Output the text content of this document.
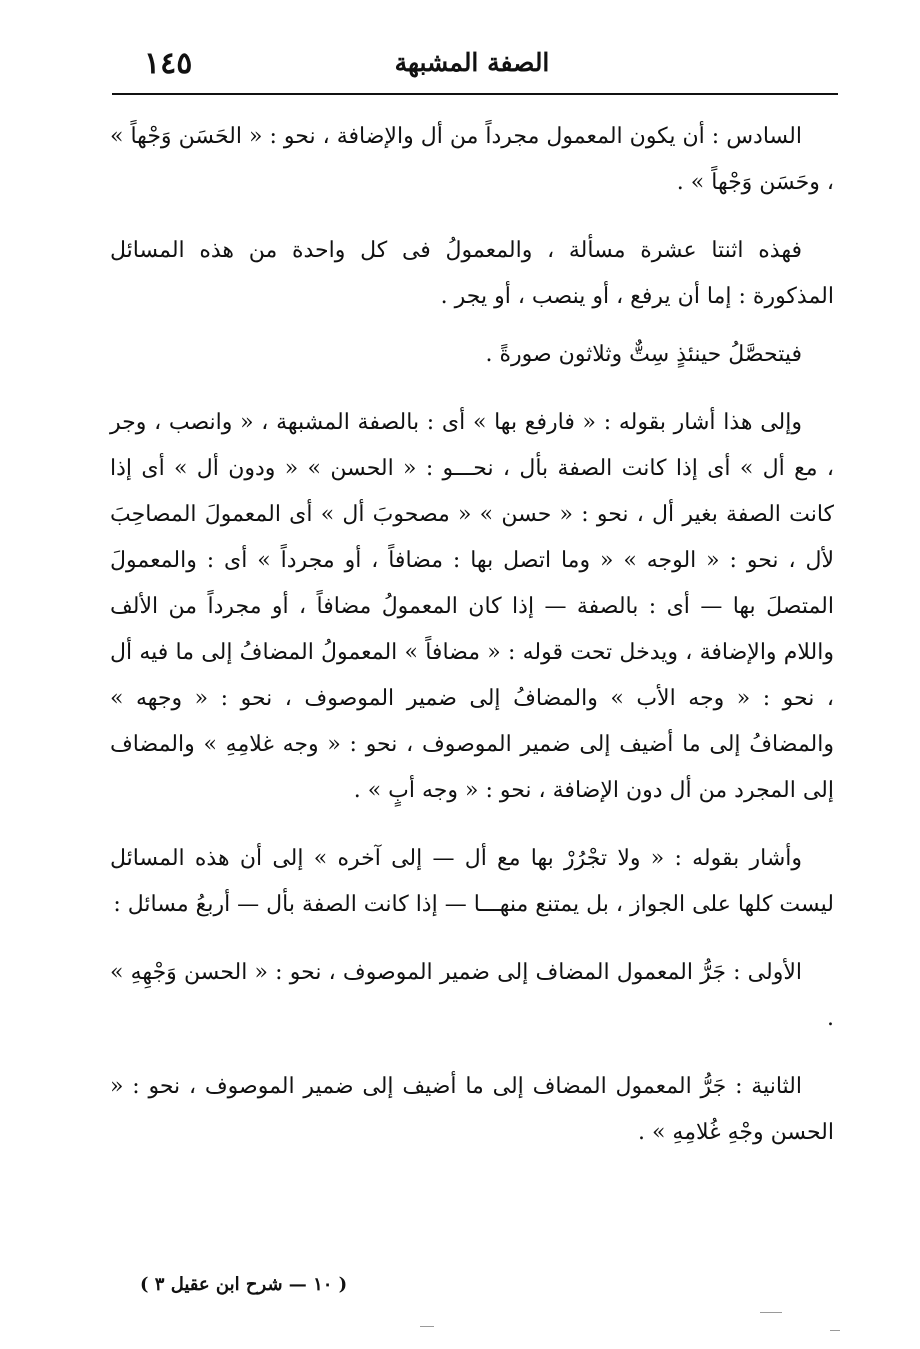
الصفة المشبهة
١٤٥

السادس : أن يكون المعمول مجرداً من أل والإضافة ، نحو : « الحَسَن وَجْهاً » ، وحَسَن وَجْهاً » .

فهذه اثنتا عشرة مسألة ، والمعمولُ فى كل واحدة من هذه المسائل المذكورة : إما أن يرفع ، أو ينصب ، أو يجر .

فيتحصَّلُ حينئذٍ سِتٌّ وثلاثون صورةً .

وإلى هذا أشار بقوله : « فارفع بها » أى : بالصفة المشبهة ، « وانصب ، وجر ، مع أل » أى إذا كانت الصفة بأل ، نحـــو : « الحسن » « ودون أل » أى إذا كانت الصفة بغير أل ، نحو : « حسن » « مصحوبَ أل » أى المعمولَ المصاحِبَ لأل ، نحو : « الوجه » « وما اتصل بها : مضافاً ، أو مجرداً » أى : والمعمولَ المتصلَ بها — أى : بالصفة — إذا كان المعمولُ مضافاً ، أو مجرداً من الألف واللام والإضافة ، ويدخل تحت قوله : « مضافاً » المعمولُ المضافُ إلى ما فيه أل ، نحو : « وجه الأب » والمضافُ إلى ضمير الموصوف ، نحو : « وجهه » والمضافُ إلى ما أضيف إلى ضمير الموصوف ، نحو : « وجه غلامِهِ » والمضاف إلى المجرد من أل دون الإضافة ، نحو : « وجه أبٍ » .

وأشار بقوله : « ولا تجْرُرْ بها مع أل — إلى آخره » إلى أن هذه المسائل ليست كلها على الجواز ، بل يمتنع منهـــا — إذا كانت الصفة بأل — أربعُ مسائل :

الأولى : جَرُّ المعمول المضاف إلى ضمير الموصوف ، نحو : « الحسن وَجْهِهِ » .

الثانية : جَرُّ المعمول المضاف إلى ما أضيف إلى ضمير الموصوف ، نحو : « الحسن وجْهِ غُلامِهِ » .

( ١٠ — شرح ابن عقيل ٣ )
